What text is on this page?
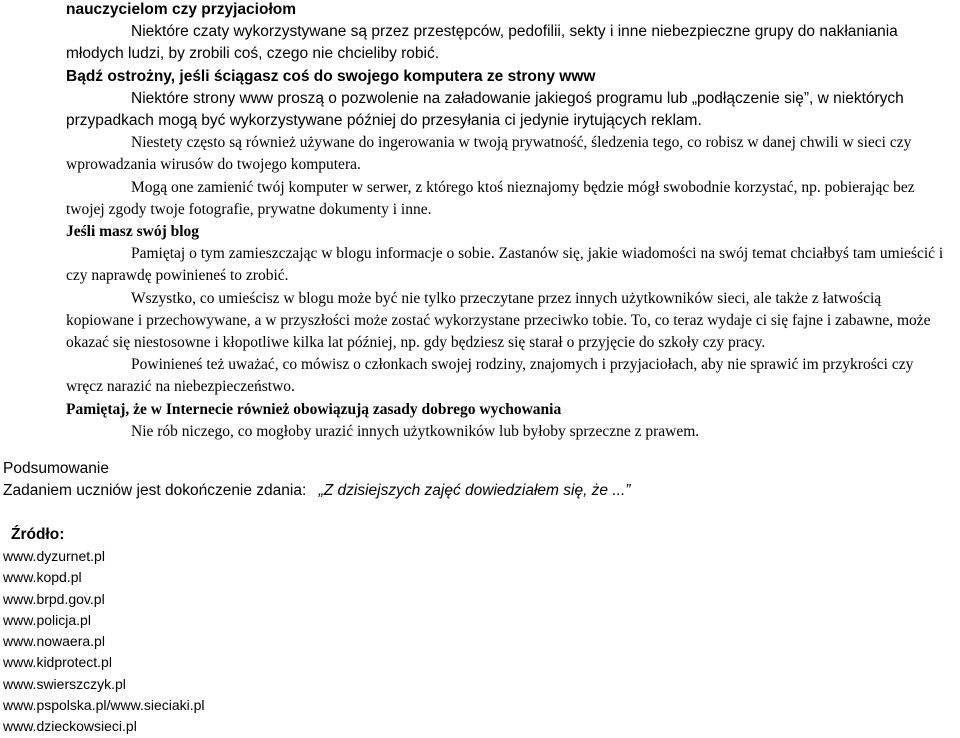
nauczycielom czy przyjaciołom

Niektóre czaty wykorzystywane są przez przestępców, pedofilii, sekty i inne niebezpieczne grupy do nakłaniania młodych ludzi, by zrobili coś, czego nie chcieliby robić.

Bądź ostrożny, jeśli ściągasz coś do swojego komputera ze strony www

Niektóre strony www proszą o pozwolenie na załadowanie jakiegoś programu lub „podłączenie się”, w niektórych przypadkach mogą być wykorzystywane później do przesyłania ci jedynie irytujących reklam.

Niestety często są również używane do ingerowania w twoją prywatność, śledzenia tego, co robisz w danej chwili w sieci czy wprowadzania wirusów do twojego komputera.

Mogą one zamienić twój komputer w serwer, z którego ktoś nieznajomy będzie mógł swobodnie korzystać, np. pobierając bez twojej zgody twoje fotografie, prywatne dokumenty i inne.

Jeśli masz swój blog

Pamiętaj o tym zamieszczając w blogu informacje o sobie. Zastanów się, jakie wiadomości na swój temat chciałbyś tam umieścić i czy naprawdę powinieneś to zrobić.

Wszystko, co umieścisz w blogu może być nie tylko przeczytane przez innych użytkowników sieci, ale także z łatwością kopiowane i przechowywane, a w przyszłości może zostać wykorzystane przeciwko tobie. To, co teraz wydaje ci się fajne i zabawne, może okazać się niestosowne i kłopotliwe kilka lat później, np. gdy będziesz się starał o przyjęcie do szkoły czy pracy.

Powinieneś też uważać, co mówisz o członkach swojej rodziny, znajomych i przyjaciołach, aby nie sprawić im przykrości czy wręcz narazić na niebezpieczeństwo.

Pamiętaj, że w Internecie również obowiązują zasady dobrego wychowania

Nie rób niczego, co mogłoby urazić innych użytkowników lub byłoby sprzeczne z prawem.

Podsumowanie
Zadaniem uczniów jest dokończenie zdania: „Z dzisiejszych zajęć dowiedziałem się, że ...”
Źródło:
www.dyzurnet.pl
www.kopd.pl
www.brpd.gov.pl
www.policja.pl
www.nowaera.pl
www.kidprotect.pl
www.swierszczyk.pl
www.pspolska.pl/www.sieciaki.pl
www.dzieckowsieci.pl
